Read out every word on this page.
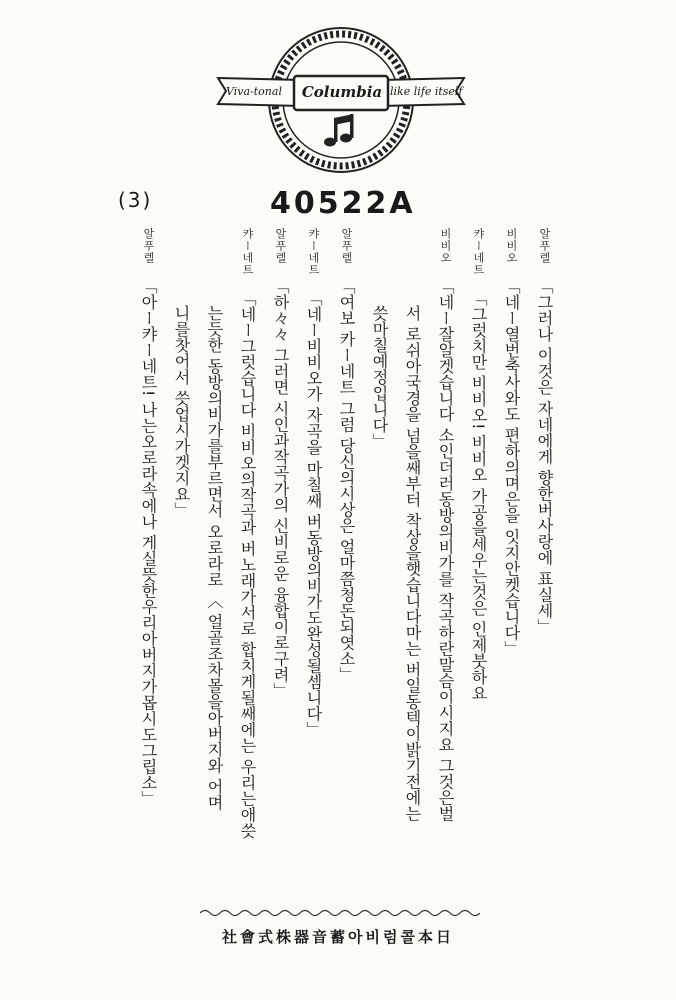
Viva-tonal	Columbia like life itself
(3)	40522A
알푸렐「그러나 이것은 자네에게 향한버사랑에 표실세」
비비오「네ー열번축사와도 편하의며은을 잇지안켓습니다」
캬ー네트「그럿치만 비비오! 비비오 가공을세우는것은 인제붓하요
비비오「네ー잘알겟습니다 소인더러동방의비가를 작곡하란말슴이시지요 그것은벌
서 로쉬아국경을 넘을쌔부터 착상을햇습니다마는 버일동텍이밝기전에는
씃마칠예정입니다」
알푸렐「여보 카ー네트 그럼 당신의시상은 얼마쯤청돈되엿소」
캬ー네트「네ー비비오가 자곡을 마칠쌔 버동방의비가도완성될셈니다」
알푸렐「하々々 그러면 시인과작곡가의 신비로운 융합이로구려」
캬ー네트「네ー그럿습니다 비비오의작곡과 버노래가서로 합치게될쌔에는 우리는애씃
는듯한 동방의비가를부르면서 오로라로 〈 얼골조차몰을아버지와 어며
니를찻어서 씃업시가겟지요」
알푸렐「아ー캬ー네트! 나는오로라속에나 게실뜻한우리아버지가몹시도그립소」
社會式株器音蓄아비럼콜本日
